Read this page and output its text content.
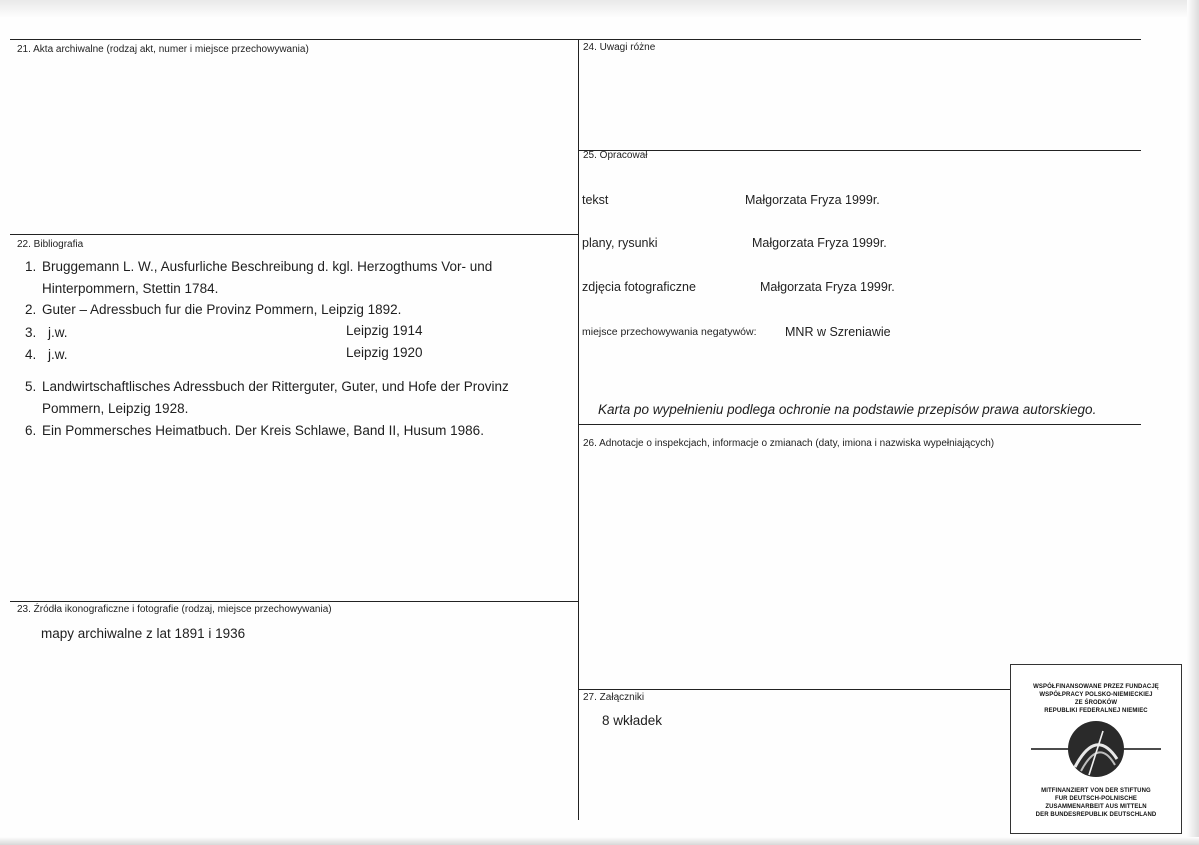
21. Akta archiwalne (rodzaj akt, numer i miejsce przechowywania)
22. Bibliografia
1. Bruggemann L. W., Ausfurliche Beschreibung d. kgl. Herzogthums Vor- und
Hinterpommern, Stettin 1784.
2. Guter – Adressbuch fur die Provinz Pommern, Leipzig 1892.
3. j.w.	Leipzig 1914
4. j.w.	Leipzig 1920
5. Landwirtschaftlisches Adressbuch der Ritterguter, Guter, und Hofe der Provinz
Pommern, Leipzig 1928.
6. Ein Pommersches Heimatbuch. Der Kreis Schlawe, Band II, Husum 1986.
23. Źródła ikonograficzne i fotografie (rodzaj, miejsce przechowywania)
mapy archiwalne z lat 1891 i 1936
24. Uwagi różne
25. Opracował
tekst	Małgorzata Fryza 1999r.
plany, rysunki	Małgorzata Fryza 1999r.
zdjęcia fotograficzne	Małgorzata Fryza 1999r.
miejsce przechowywania negatywów: MNR w Szreniawie
Karta po wypełnieniu podlega ochronie na podstawie przepisów prawa autorskiego.
26. Adnotacje o inspekcjach, informacje o zmianach (daty, imiona i nazwiska wypełniających)
27. Załączniki
8 wkładek
WSPÓŁFINANSOWANE PRZEZ FUNDACJĘ
WSPÓŁPRACY POLSKO-NIEMIECKIEJ
ZE ŚRODKÓW
REPUBLIKI FEDERALNEJ NIEMIEC
MITFINANZIERT VON DER STIFTUNG
FUR DEUTSCH-POLNISCHE
ZUSAMMENARBEIT AUS MITTELN
DER BUNDESREPUBLIK DEUTSCHLAND
